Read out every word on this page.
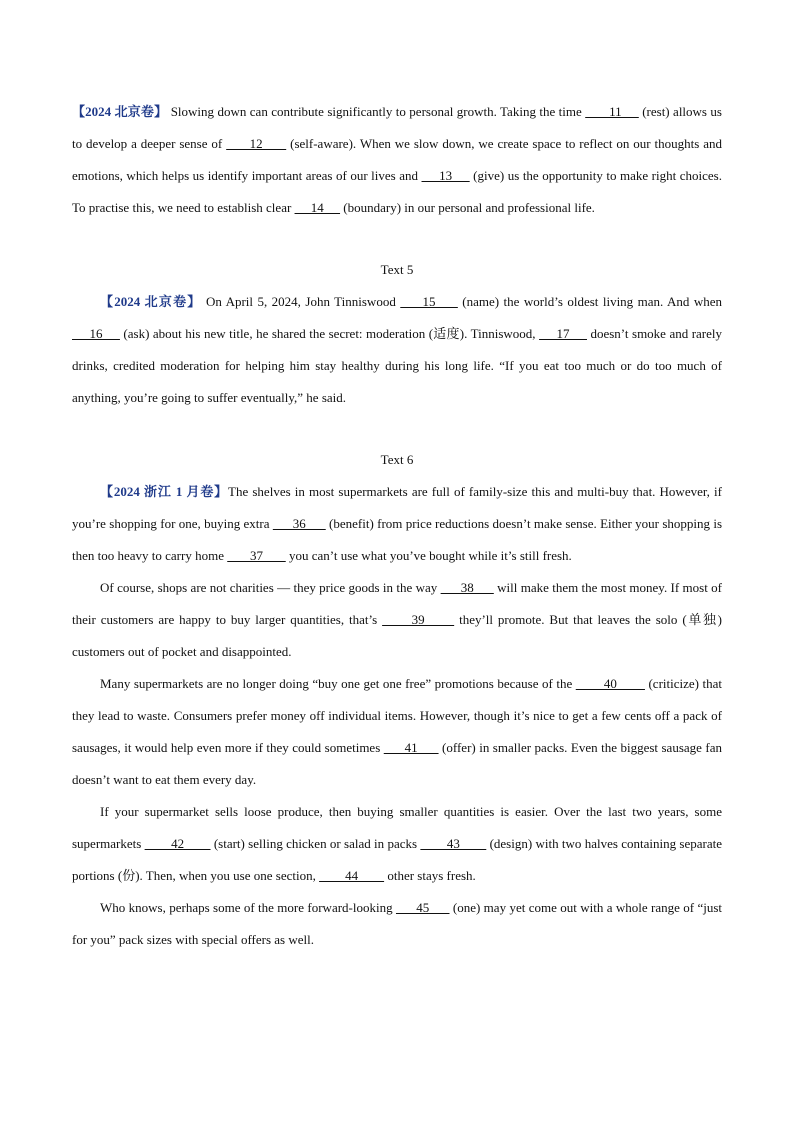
【2024 北京卷】 Slowing down can contribute significantly to personal growth. Taking the time        11      (rest) allows us to develop a deeper sense of       12       (self-aware). When we slow down, we create space to reflect on our thoughts and emotions, which helps us identify important areas of our lives and      13      (give) us the opportunity to make right choices. To practise this, we need to establish clear      14      (boundary) in our personal and professional life.

Text 5

【2024 北京卷】 On April 5, 2024, John Tinniswood      15      (name) the world’s oldest living man. And when      16      (ask) about his new title, he shared the secret: moderation (适度). Tinniswood,      17      doesn’t smoke and rarely drinks, credited moderation for helping him stay healthy during his long life. “If you eat too much or do too much of anything, you’re going to suffer eventually,” he said.

Text 6

【2024 浙江 1 月卷】The shelves in most supermarkets are full of family-size this and multi-buy that. However, if you’re shopping for one, buying extra       36       (benefit) from price reductions doesn’t make sense. Either your shopping is then too heavy to carry home        37        you can’t use what you’ve bought while it’s still fresh.

Of course, shops are not charities — they price goods in the way       38       will make them the most money. If most of their customers are happy to buy larger quantities, that’s       39       they’ll promote. But that leaves the solo (单独) customers out of pocket and disappointed.

Many supermarkets are no longer doing “buy one get one free” promotions because of the         40         (criticize) that they lead to waste. Consumers prefer money off individual items. However, though it’s nice to get a few cents off a pack of sausages, it would help even more if they could sometimes       41       (offer) in smaller packs. Even the biggest sausage fan doesn’t want to eat them every day.

If your supermarket sells loose produce, then buying smaller quantities is easier. Over the last two years, some supermarkets         42         (start) selling chicken or salad in packs         43         (design) with two halves containing separate portions (份). Then, when you use one section,         44         other stays fresh.

Who knows, perhaps some of the more forward-looking       45       (one) may yet come out with a whole range of “just for you” pack sizes with special offers as well.
